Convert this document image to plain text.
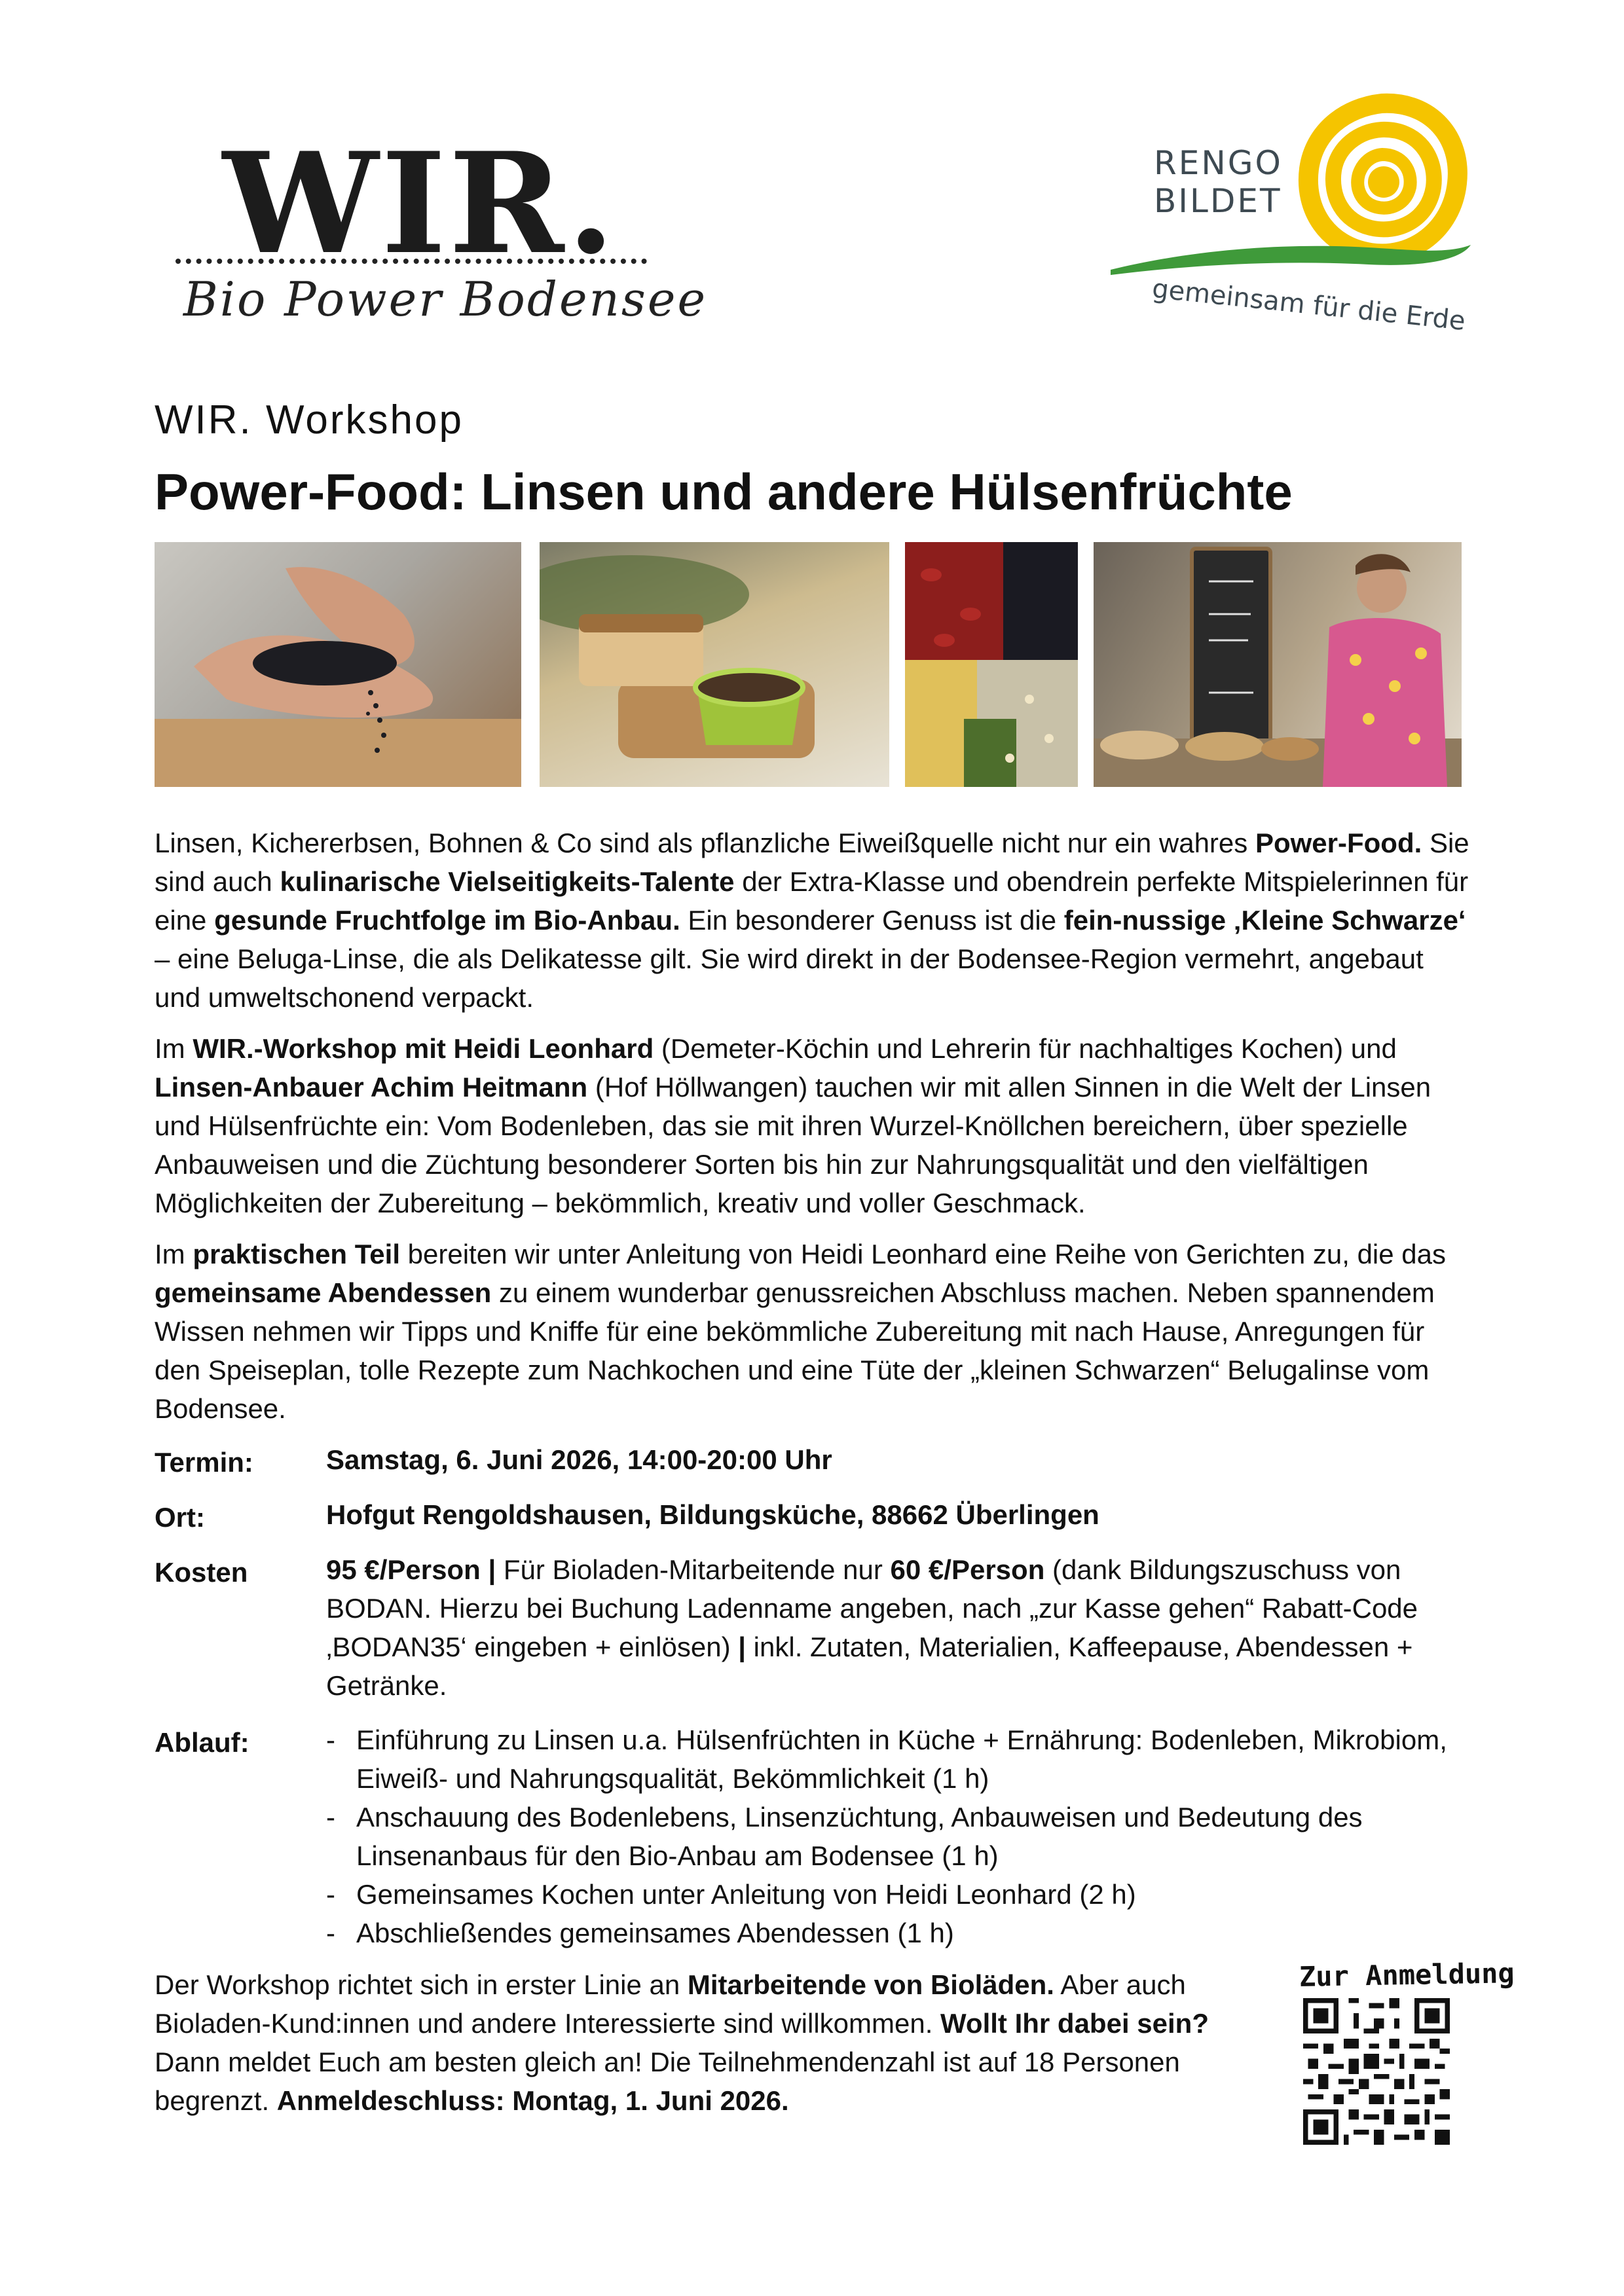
WIR.
Bio Power Bodensee
RENGO
BILDET
gemeinsam für die Erde
WIR. Workshop
Power-Food: Linsen und andere Hülsenfrüchte

Linsen, Kichererbsen, Bohnen & Co sind als pflanzliche Eiweißquelle nicht nur ein wahres Power-Food. Sie sind auch kulinarische Vielseitigkeits-Talente der Extra-Klasse und obendrein perfekte Mitspielerinnen für eine gesunde Fruchtfolge im Bio-Anbau. Ein besonderer Genuss ist die fein-nussige ‚Kleine Schwarze‘ – eine Beluga-Linse, die als Delikatesse gilt. Sie wird direkt in der Bodensee-Region vermehrt, angebaut und umweltschonend verpackt.

Im WIR.-Workshop mit Heidi Leonhard (Demeter-Köchin und Lehrerin für nachhaltiges Kochen) und Linsen-Anbauer Achim Heitmann (Hof Höllwangen) tauchen wir mit allen Sinnen in die Welt der Linsen und Hülsenfrüchte ein: Vom Bodenleben, das sie mit ihren Wurzel-Knöllchen bereichern, über spezielle Anbauweisen und die Züchtung besonderer Sorten bis hin zur Nahrungsqualität und den vielfältigen Möglichkeiten der Zubereitung – bekömmlich, kreativ und voller Geschmack.

Im praktischen Teil bereiten wir unter Anleitung von Heidi Leonhard eine Reihe von Gerichten zu, die das gemeinsame Abendessen zu einem wunderbar genussreichen Abschluss machen. Neben spannendem Wissen nehmen wir Tipps und Kniffe für eine bekömmliche Zubereitung mit nach Hause, Anregungen für den Speiseplan, tolle Rezepte zum Nachkochen und eine Tüte der „kleinen Schwarzen“ Belugalinse vom Bodensee.

Termin:	Samstag, 6. Juni 2026, 14:00-20:00 Uhr
Ort:	Hofgut Rengoldshausen, Bildungsküche, 88662 Überlingen
Kosten	95 €/Person | Für Bioladen-Mitarbeitende nur 60 €/Person (dank Bildungszuschuss von BODAN. Hierzu bei Buchung Ladenname angeben, nach „zur Kasse gehen“ Rabatt-Code ‚BODAN35‘ eingeben + einlösen) | inkl. Zutaten, Materialien, Kaffeepause, Abendessen + Getränke.
Ablauf:	- Einführung zu Linsen u.a. Hülsenfrüchten in Küche + Ernährung: Bodenleben, Mikrobiom, Eiweiß- und Nahrungsqualität, Bekömmlichkeit (1 h)
- Anschauung des Bodenlebens, Linsenzüchtung, Anbauweisen und Bedeutung des Linsenanbaus für den Bio-Anbau am Bodensee (1 h)
- Gemeinsames Kochen unter Anleitung von Heidi Leonhard (2 h)
- Abschließendes gemeinsames Abendessen (1 h)

Der Workshop richtet sich in erster Linie an Mitarbeitende von Bioläden. Aber auch Bioladen-Kund:innen und andere Interessierte sind willkommen. Wollt Ihr dabei sein? Dann meldet Euch am besten gleich an! Die Teilnehmendenzahl ist auf 18 Personen begrenzt. Anmeldeschluss: Montag, 1. Juni 2026.

Zur Anmeldung
